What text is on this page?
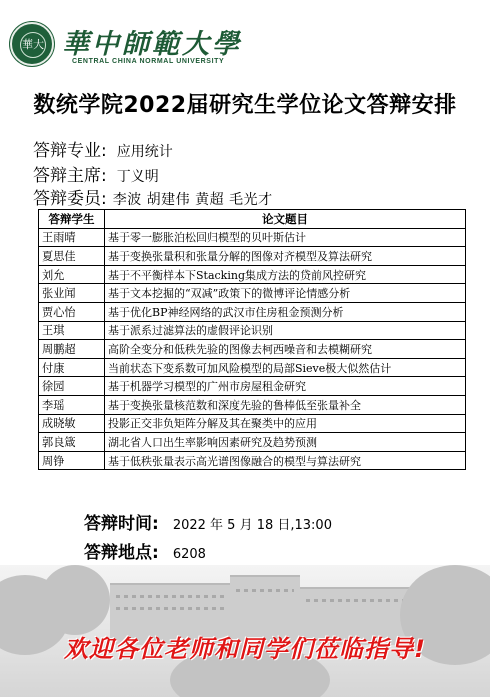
華大 華中師範大學
CENTRAL CHINA NORMAL UNIVERSITY
数统学院2022届研究生学位论文答辩安排
答辩专业: 应用统计
答辩主席: 丁义明
答辩委员: 李波 胡建伟 黄超 毛光才
答辩学生	论文题目
王雨晴	基于零一膨胀泊松回归模型的贝叶斯估计
夏思佳	基于变换张量积和张量分解的图像对齐模型及算法研究
刘允	基于不平衡样本下Stacking集成方法的贷前风控研究
张业闻	基于文本挖掘的“双减”政策下的微博评论情感分析
贾心怡	基于优化BP神经网络的武汉市住房租金预测分析
王琪	基于派系过滤算法的虚假评论识别
周鹏超	高阶全变分和低秩先验的图像去柯西噪音和去模糊研究
付康	当前状态下变系数可加风险模型的局部Sieve极大似然估计
徐园	基于机器学习模型的广州市房屋租金研究
李瑶	基于变换张量核范数和深度先验的鲁棒低至张量补全
成晓敏	投影正交非负矩阵分解及其在聚类中的应用
郭良箴	湖北省人口出生率影响因素研究及趋势预测
周铮	基于低秩张量表示高光谱图像融合的模型与算法研究
答辩时间: 2022 年 5 月 18 日,13:00
答辩地点: 6208
欢迎各位老师和同学们莅临指导!
